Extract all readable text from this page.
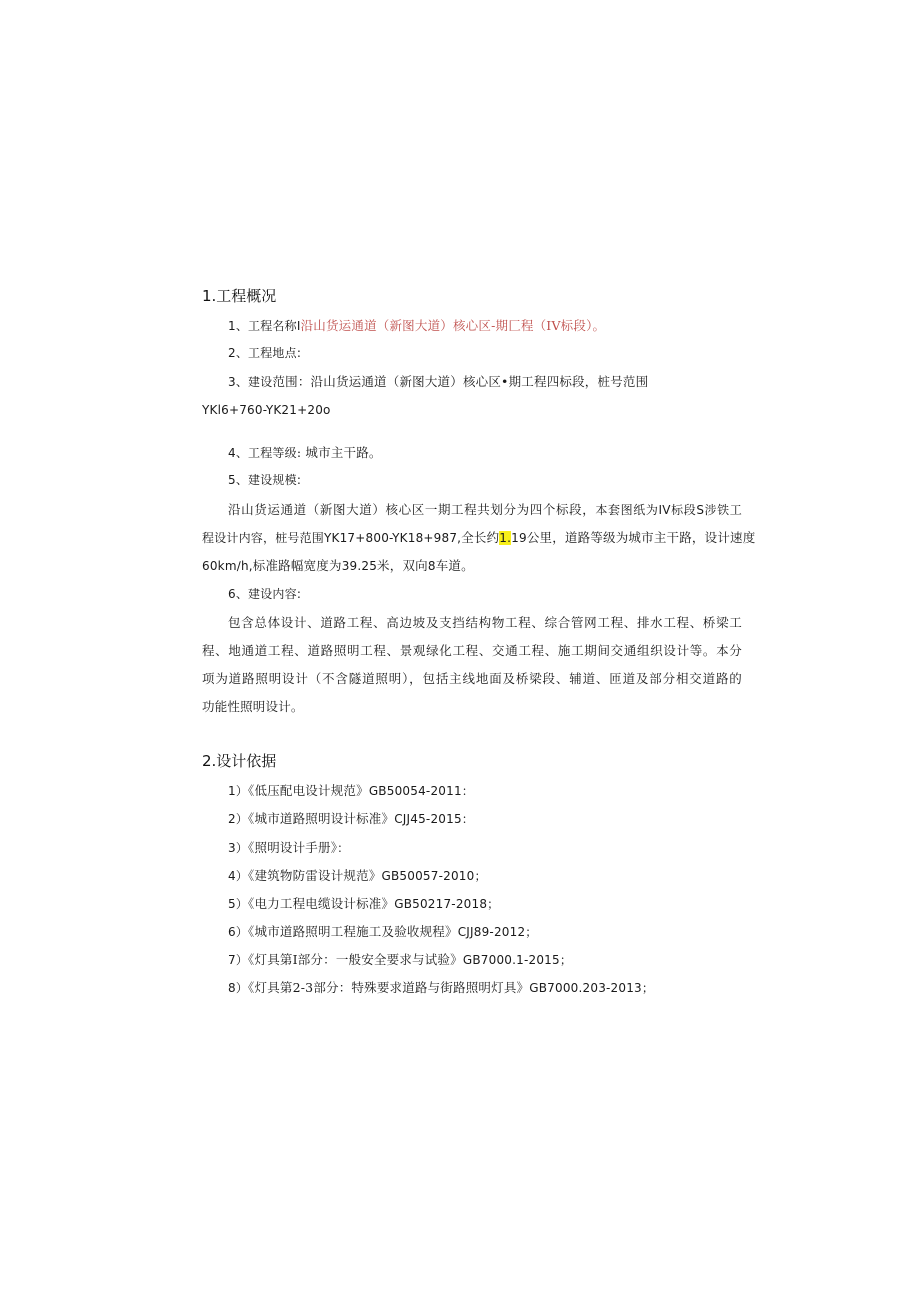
1.工程概况

1、工程名称I沿山货运通道（新图大道）核心区-期匚程（IV标段）。

2、工程地点:

3、建设范围：沿山货运通道（新图大道）核心区•期工程四标段，桩号范围

YKl6+760-YK21+20o

4、工程等级: 城市主干路。

5、建设规模:

沿山货运通道（新图大道）核心区一期工程共划分为四个标段，本套图纸为IV标段S涉铁工

程设计内容，桩号范围YK17+800-YK18+987,全长约1.19公里，道路等级为城市主干路，设计速度

60km∕h,标准路幅宽度为39.25米，双向8车道。

6、建设内容:

包含总体设计、道路工程、高边坡及支挡结构物工程、综合管网工程、排水工程、桥梁工

程、地通道工程、道路照明工程、景观绿化工程、交通工程、施工期间交通组织设计等。本分

项为道路照明设计（不含隧道照明），包括主线地面及桥梁段、辅道、匝道及部分相交道路的

功能性照明设计。

2.设计依据

1）《低压配电设计规范》GB50054-2011：

2）《城市道路照明设计标准》CJJ45-2015：

3）《照明设计手册》：

4）《建筑物防雷设计规范》GB50057-2010；

5）《电力工程电缆设计标准》GB50217-2018；

6）《城市道路照明工程施工及验收规程》CJJ89-2012；

7）《灯具第I部分：一般安全要求与试验》GB7000.1-2015；

8）《灯具第2-3部分：特殊要求道路与街路照明灯具》GB7000.203-2013；
